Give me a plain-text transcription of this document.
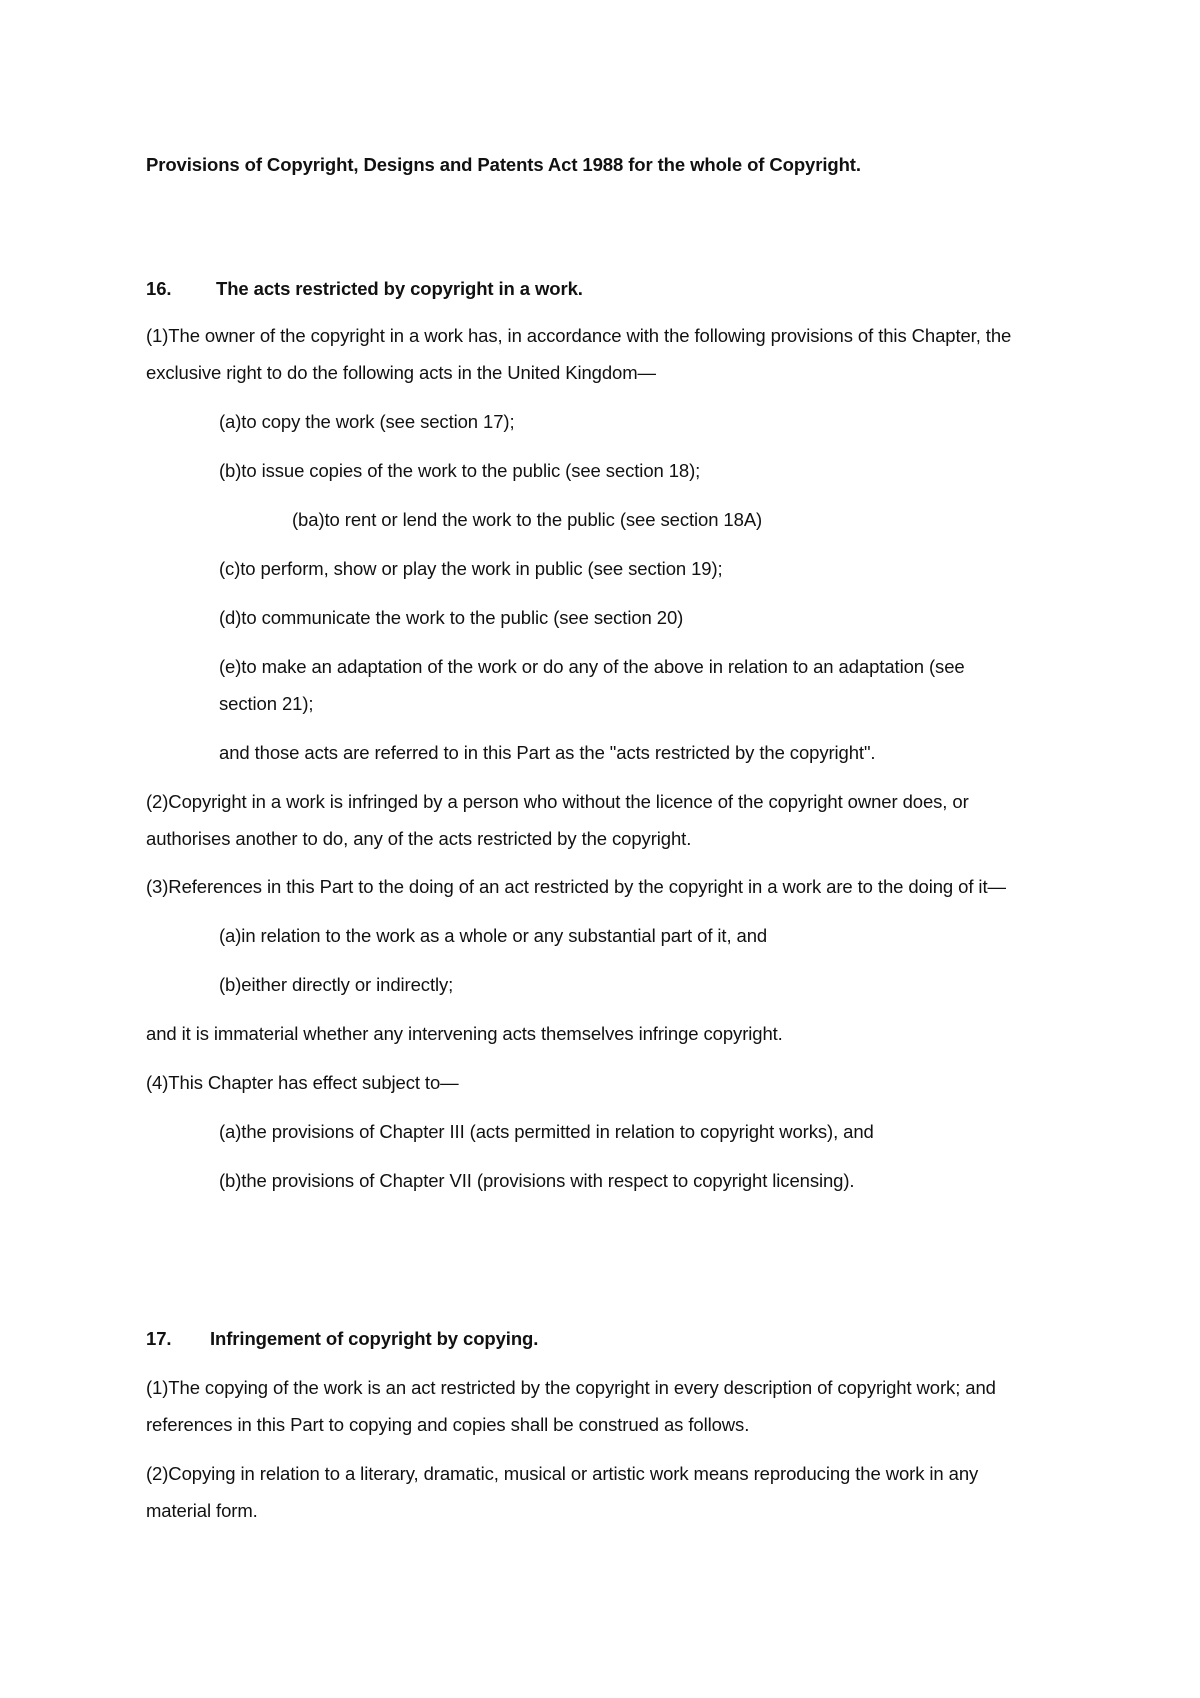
Provisions of Copyright, Designs and Patents Act 1988 for the whole of Copyright.
16. The acts restricted by copyright in a work.
(1)The owner of the copyright in a work has, in accordance with the following provisions of this Chapter, the
exclusive right to do the following acts in the United Kingdom—
(a)to copy the work (see section 17);
(b)to issue copies of the work to the public (see section 18);
(ba)to rent or lend the work to the public (see section 18A)
(c)to perform, show or play the work in public (see section 19);
(d)to communicate the work to the public (see section 20)
(e)to make an adaptation of the work or do any of the above in relation to an adaptation (see
section 21);
and those acts are referred to in this Part as the "acts restricted by the copyright".
(2)Copyright in a work is infringed by a person who without the licence of the copyright owner does, or
authorises another to do, any of the acts restricted by the copyright.
(3)References in this Part to the doing of an act restricted by the copyright in a work are to the doing of it—
(a)in relation to the work as a whole or any substantial part of it, and
(b)either directly or indirectly;
and it is immaterial whether any intervening acts themselves infringe copyright.
(4)This Chapter has effect subject to—
(a)the provisions of Chapter III (acts permitted in relation to copyright works), and
(b)the provisions of Chapter VII (provisions with respect to copyright licensing).
17. Infringement of copyright by copying.
(1)The copying of the work is an act restricted by the copyright in every description of copyright work; and
references in this Part to copying and copies shall be construed as follows.
(2)Copying in relation to a literary, dramatic, musical or artistic work means reproducing the work in any
material form.
